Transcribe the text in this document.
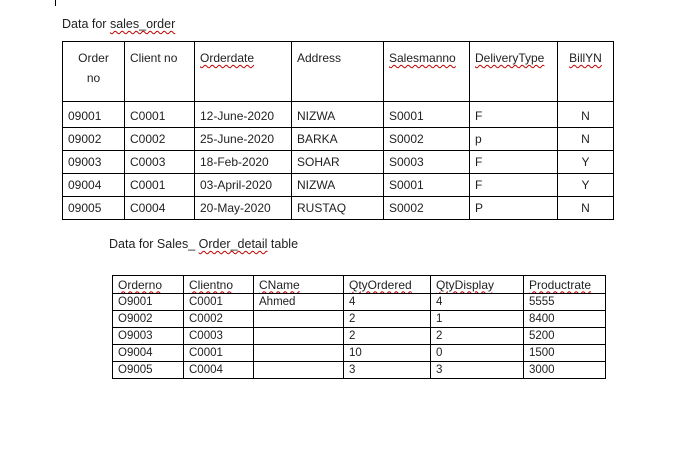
Data for sales_order
Order no	Client no	Orderdate	Address	Salesmanno	DeliveryType	BillYN
09001	C0001	12-June-2020	NIZWA	S0001	F	N
09002	C0002	25-June-2020	BARKA	S0002	p	N
09003	C0003	18-Feb-2020	SOHAR	S0003	F	Y
09004	C0001	03-April-2020	NIZWA	S0001	F	Y
09005	C0004	20-May-2020	RUSTAQ	S0002	P	N
Data for Sales_ Order_detail table
Orderno	Clientno	CName	QtyOrdered	QtyDisplay	Productrate
O9001	C0001	Ahmed	4	4	5555
O9002	C0002		2	1	8400
O9003	C0003		2	2	5200
O9004	C0001		10	0	1500
O9005	C0004		3	3	3000
